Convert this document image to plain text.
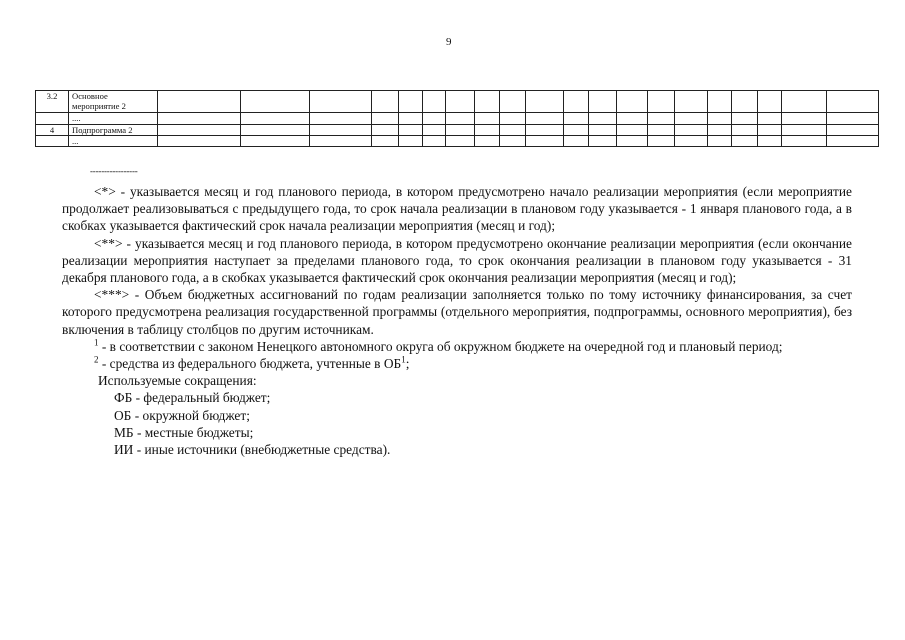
9
3.2	Основное мероприятие 2																				
	....																				
4	Подпрограмма 2																				
	...																				
-----------------

<*> - указывается месяц и год планового периода, в котором предусмотрено начало реализации мероприятия (если мероприятие продолжает реализовываться с предыдущего года, то срок начала реализации в плановом году указывается - 1 января планового года, а в скобках указывается фактический срок начала реализации мероприятия (месяц и год);

<**> - указывается месяц и год планового периода, в котором предусмотрено окончание реализации мероприятия (если окончание реализации мероприятия наступает за пределами планового года, то срок окончания реализации в плановом году указывается - 31 декабря планового года, а в скобках указывается фактический срок окончания реализации мероприятия (месяц и год);

<***> - Объем бюджетных ассигнований по годам реализации заполняется только по тому источнику финансирования, за счет которого предусмотрена реализация государственной программы (отдельного мероприятия, подпрограммы, основного мероприятия), без включения в таблицу столбцов по другим источникам.

$^1$ - в соответствии с законом Ненецкого автономного округа об окружном бюджете на очередной год и плановый период;

$^2$ - средства из федерального бюджета, учтенные в $ОБ^1$;

Используемые сокращения:

ФБ - федеральный бюджет;

ОБ - окружной бюджет;

МБ - местные бюджеты;

ИИ - иные источники (внебюджетные средства).
